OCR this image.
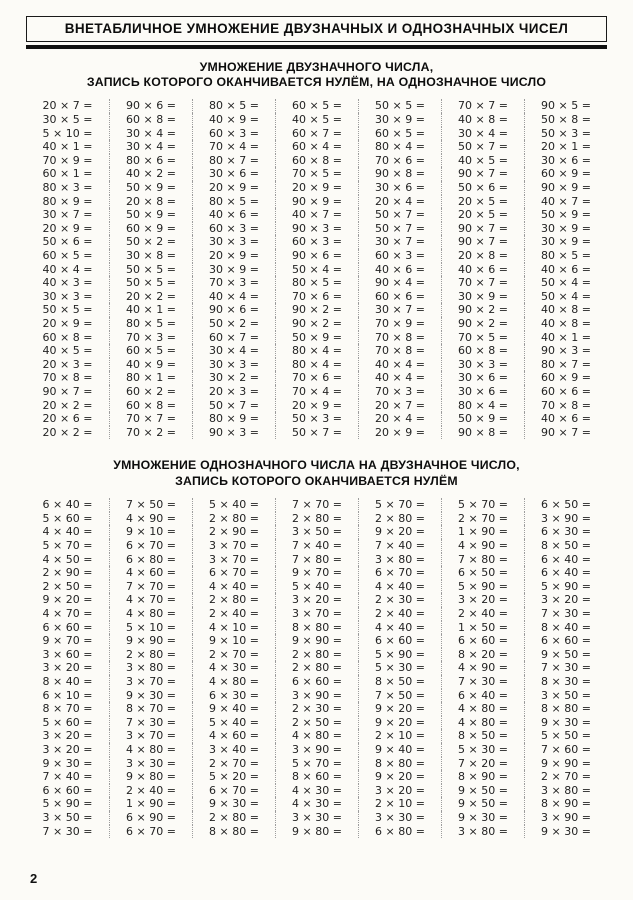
ВНЕТАБЛИЧНОЕ УМНОЖЕНИЕ ДВУЗНАЧНЫХ И ОДНОЗНАЧНЫХ ЧИСЕЛ
УМНОЖЕНИЕ ДВУЗНАЧНОГО ЧИСЛА,
ЗАПИСЬ КОТОРОГО ОКАНЧИВАЕТСЯ НУЛЁМ, НА ОДНОЗНАЧНОЕ ЧИСЛО
20 × 7 =	90 × 6 =	80 × 5 =	60 × 5 =	50 × 5 =	70 × 7 =	90 × 5 =
30 × 5 =	60 × 8 =	40 × 9 =	40 × 5 =	30 × 9 =	40 × 8 =	50 × 8 =
5 × 10 =	30 × 4 =	60 × 3 =	60 × 7 =	60 × 5 =	30 × 4 =	50 × 3 =
40 × 1 =	30 × 4 =	70 × 4 =	60 × 4 =	80 × 4 =	50 × 7 =	20 × 1 =
70 × 9 =	80 × 6 =	80 × 7 =	60 × 8 =	70 × 6 =	40 × 5 =	30 × 6 =
60 × 1 =	40 × 2 =	30 × 6 =	70 × 5 =	90 × 8 =	90 × 7 =	60 × 9 =
80 × 3 =	50 × 9 =	20 × 9 =	20 × 9 =	30 × 6 =	50 × 6 =	90 × 9 =
80 × 9 =	20 × 8 =	80 × 5 =	90 × 9 =	20 × 4 =	20 × 5 =	40 × 7 =
30 × 7 =	50 × 9 =	40 × 6 =	40 × 7 =	50 × 7 =	20 × 5 =	50 × 9 =
20 × 9 =	60 × 9 =	60 × 3 =	90 × 3 =	50 × 7 =	90 × 7 =	30 × 9 =
50 × 6 =	50 × 2 =	30 × 3 =	60 × 3 =	30 × 7 =	90 × 7 =	30 × 9 =
60 × 5 =	30 × 8 =	20 × 9 =	90 × 6 =	60 × 3 =	20 × 8 =	80 × 5 =
40 × 4 =	50 × 5 =	30 × 9 =	50 × 4 =	40 × 6 =	40 × 6 =	40 × 6 =
40 × 3 =	50 × 5 =	70 × 3 =	80 × 5 =	90 × 4 =	70 × 7 =	50 × 4 =
30 × 3 =	20 × 2 =	40 × 4 =	70 × 6 =	60 × 6 =	30 × 9 =	50 × 4 =
50 × 5 =	40 × 1 =	90 × 6 =	90 × 2 =	30 × 7 =	90 × 2 =	40 × 8 =
20 × 9 =	80 × 5 =	50 × 2 =	90 × 2 =	70 × 9 =	90 × 2 =	40 × 8 =
60 × 8 =	70 × 3 =	60 × 7 =	50 × 9 =	70 × 8 =	70 × 5 =	40 × 1 =
40 × 5 =	60 × 5 =	30 × 4 =	80 × 4 =	70 × 8 =	60 × 8 =	90 × 3 =
20 × 3 =	40 × 9 =	30 × 3 =	80 × 4 =	40 × 4 =	30 × 3 =	80 × 7 =
70 × 8 =	80 × 1 =	30 × 2 =	70 × 6 =	40 × 4 =	30 × 6 =	60 × 9 =
90 × 7 =	60 × 2 =	20 × 3 =	70 × 4 =	70 × 3 =	30 × 6 =	60 × 6 =
20 × 2 =	60 × 8 =	50 × 7 =	20 × 9 =	20 × 7 =	80 × 4 =	70 × 8 =
20 × 6 =	70 × 7 =	80 × 9 =	50 × 3 =	20 × 4 =	50 × 9 =	40 × 6 =
20 × 2 =	70 × 2 =	90 × 3 =	50 × 7 =	20 × 9 =	90 × 8 =	90 × 7 =
УМНОЖЕНИЕ ОДНОЗНАЧНОГО ЧИСЛА НА ДВУЗНАЧНОЕ ЧИСЛО,
ЗАПИСЬ КОТОРОГО ОКАНЧИВАЕТСЯ НУЛЁМ
6 × 40 =	7 × 50 =	5 × 40 =	7 × 70 =	5 × 70 =	5 × 70 =	6 × 50 =
5 × 60 =	4 × 90 =	2 × 80 =	2 × 80 =	2 × 80 =	2 × 70 =	3 × 90 =
4 × 40 =	9 × 10 =	2 × 90 =	3 × 50 =	9 × 20 =	1 × 90 =	6 × 30 =
5 × 70 =	6 × 70 =	3 × 70 =	7 × 40 =	7 × 40 =	4 × 90 =	8 × 50 =
4 × 50 =	6 × 80 =	3 × 70 =	7 × 80 =	3 × 80 =	7 × 80 =	6 × 40 =
2 × 90 =	4 × 60 =	6 × 70 =	9 × 70 =	6 × 70 =	6 × 50 =	6 × 40 =
2 × 50 =	7 × 70 =	4 × 40 =	5 × 40 =	4 × 40 =	5 × 90 =	5 × 90 =
9 × 20 =	4 × 70 =	2 × 80 =	3 × 20 =	2 × 30 =	3 × 20 =	3 × 20 =
4 × 70 =	4 × 80 =	2 × 40 =	3 × 70 =	2 × 40 =	2 × 40 =	7 × 30 =
6 × 60 =	5 × 10 =	4 × 10 =	8 × 80 =	4 × 40 =	1 × 50 =	8 × 40 =
9 × 70 =	9 × 90 =	9 × 10 =	9 × 90 =	6 × 60 =	6 × 60 =	6 × 60 =
3 × 60 =	2 × 80 =	2 × 70 =	2 × 80 =	5 × 90 =	8 × 20 =	9 × 50 =
3 × 20 =	3 × 80 =	4 × 30 =	2 × 80 =	5 × 30 =	4 × 90 =	7 × 30 =
8 × 40 =	3 × 70 =	4 × 80 =	6 × 60 =	8 × 50 =	7 × 30 =	8 × 30 =
6 × 10 =	9 × 30 =	6 × 30 =	3 × 90 =	7 × 50 =	6 × 40 =	3 × 50 =
8 × 70 =	8 × 70 =	9 × 40 =	2 × 30 =	9 × 20 =	4 × 80 =	8 × 80 =
5 × 60 =	7 × 30 =	5 × 40 =	2 × 50 =	9 × 20 =	4 × 80 =	9 × 30 =
3 × 20 =	3 × 70 =	4 × 60 =	4 × 80 =	2 × 10 =	8 × 50 =	5 × 50 =
3 × 20 =	4 × 80 =	3 × 40 =	3 × 90 =	9 × 40 =	5 × 30 =	7 × 60 =
9 × 30 =	3 × 30 =	2 × 70 =	5 × 70 =	8 × 80 =	7 × 20 =	9 × 90 =
7 × 40 =	9 × 80 =	5 × 20 =	8 × 60 =	9 × 20 =	8 × 90 =	2 × 70 =
6 × 60 =	2 × 40 =	6 × 70 =	4 × 30 =	3 × 20 =	9 × 50 =	3 × 80 =
5 × 90 =	1 × 90 =	9 × 30 =	4 × 30 =	2 × 10 =	9 × 50 =	8 × 90 =
3 × 50 =	6 × 90 =	2 × 80 =	3 × 30 =	3 × 30 =	9 × 30 =	3 × 90 =
7 × 30 =	6 × 70 =	8 × 80 =	9 × 80 =	6 × 80 =	3 × 80 =	9 × 30 =
2
